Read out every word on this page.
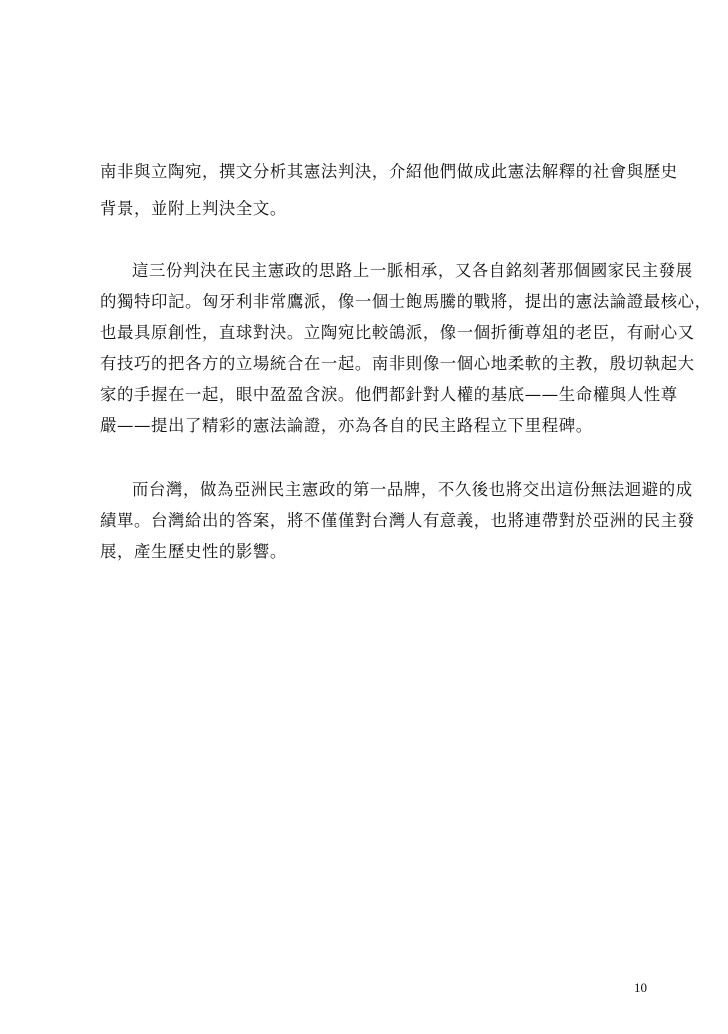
南非與立陶宛，撰文分析其憲法判決，介紹他們做成此憲法解釋的社會與歷史
背景，並附上判決全文。
這三份判決在民主憲政的思路上一脈相承，又各自銘刻著那個國家民主發展
的獨特印記。匈牙利非常鷹派，像一個士飽馬騰的戰將，提出的憲法論證最核心，
也最具原創性，直球對決。立陶宛比較鴿派，像一個折衝尊俎的老臣，有耐心又
有技巧的把各方的立場統合在一起。南非則像一個心地柔軟的主教，殷切執起大
家的手握在一起，眼中盈盈含淚。他們都針對人權的基底——生命權與人性尊
嚴——提出了精彩的憲法論證，亦為各自的民主路程立下里程碑。
而台灣，做為亞洲民主憲政的第一品牌，不久後也將交出這份無法迴避的成
績單。台灣給出的答案，將不僅僅對台灣人有意義，也將連帶對於亞洲的民主發
展，產生歷史性的影響。
10
